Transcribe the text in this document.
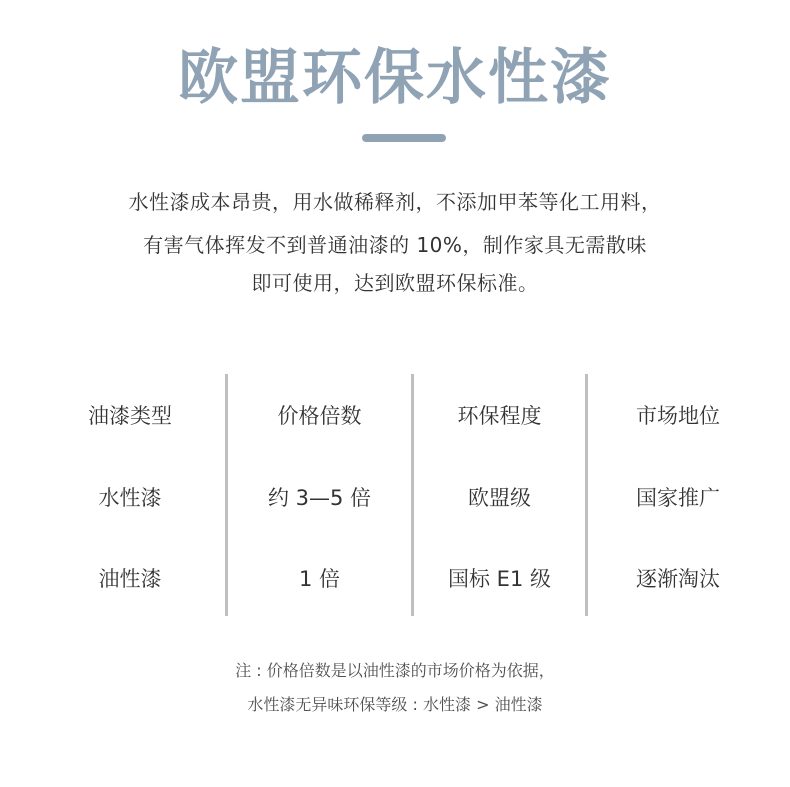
欧盟环保水性漆
水性漆成本昂贵，用水做稀释剂，不添加甲苯等化工用料，
有害气体挥发不到普通油漆的 10%，制作家具无需散味
即可使用，达到欧盟环保标准。
油漆类型	价格倍数	环保程度	市场地位
水性漆	约 3—5 倍	欧盟级	国家推广
油性漆	1 倍	国标 E1 级	逐渐淘汰
注 : 价格倍数是以油性漆的市场价格为依据，
水性漆无异味环保等级 : 水性漆 > 油性漆
